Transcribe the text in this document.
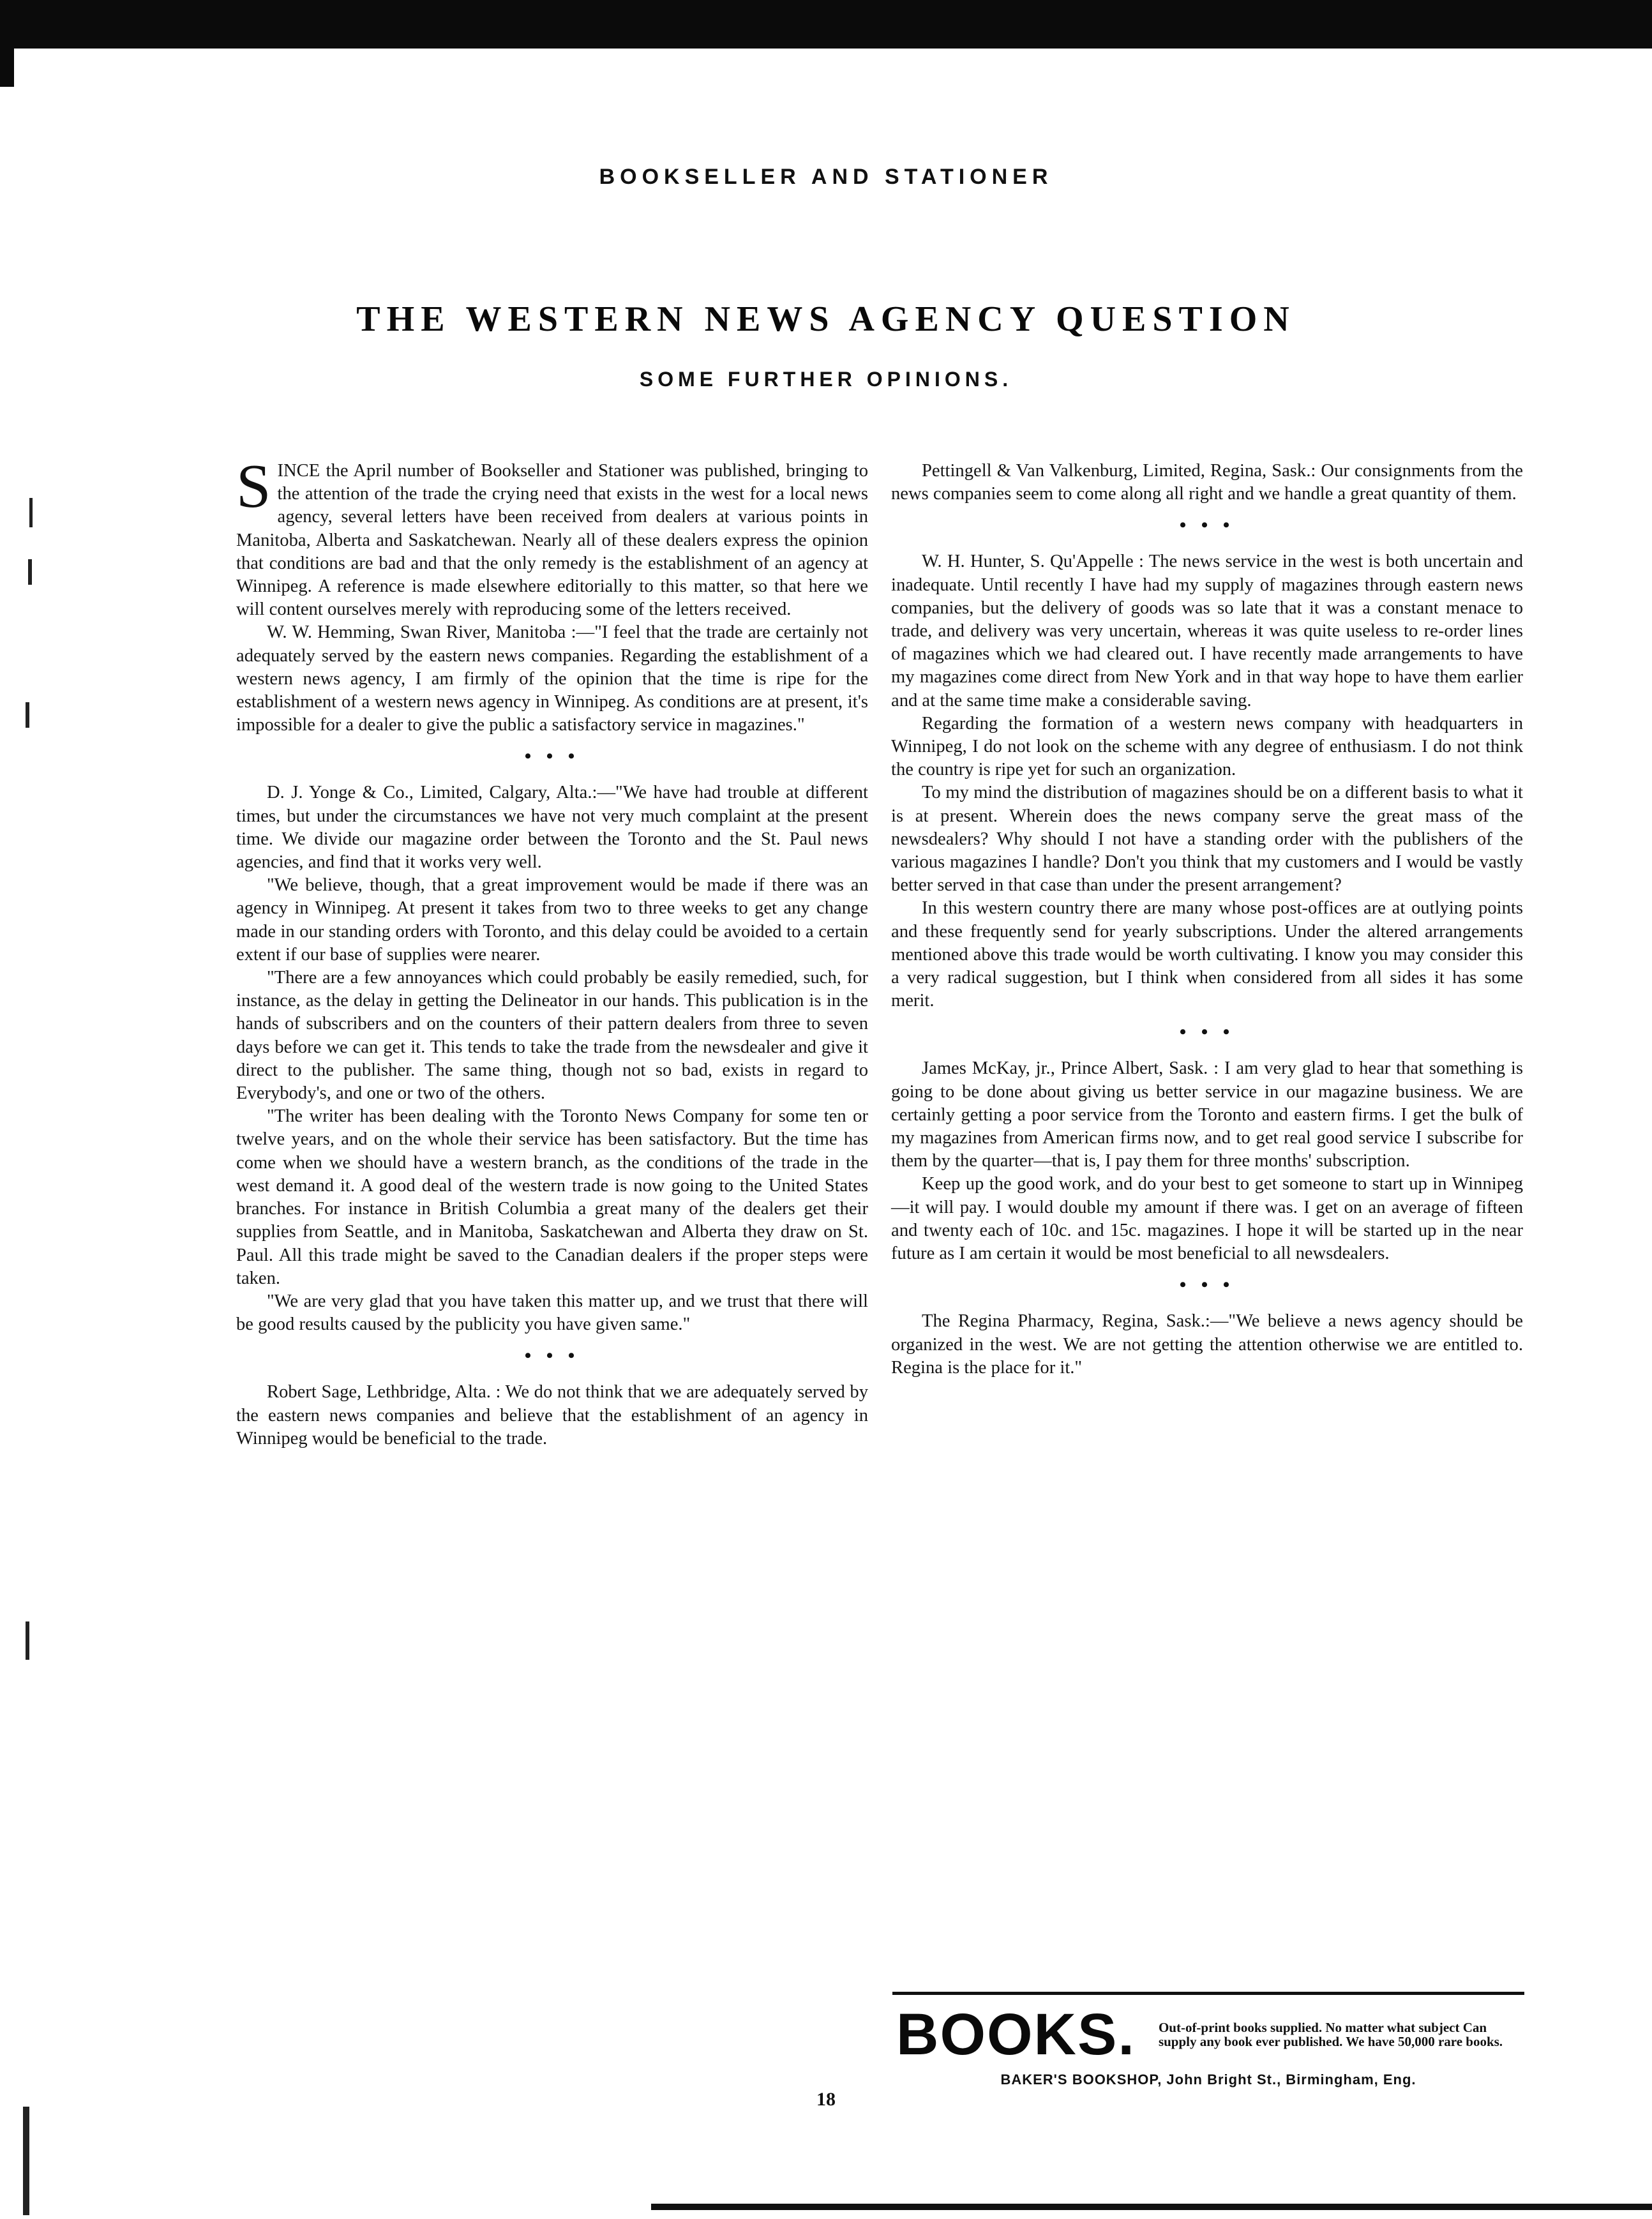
BOOKSELLER AND STATIONER
THE WESTERN NEWS AGENCY QUESTION
SOME FURTHER OPINIONS.

SINCE the April number of Bookseller and Stationer was published, bringing to the attention of the trade the crying need that exists in the west for a local news agency, several letters have been received from dealers at various points in Manitoba, Alberta and Saskatchewan. Nearly all of these dealers express the opinion that conditions are bad and that the only remedy is the establishment of an agency at Winnipeg. A reference is made elsewhere editorially to this matter, so that here we will content ourselves merely with reproducing some of the letters received.

W. W. Hemming, Swan River, Manitoba :—"I feel that the trade are certainly not adequately served by the eastern news companies. Regarding the establishment of a western news agency, I am firmly of the opinion that the time is ripe for the establishment of a western news agency in Winnipeg. As conditions are at present, it's impossible for a dealer to give the public a satisfactory service in magazines."

• • •

D. J. Yonge & Co., Limited, Calgary, Alta.:—"We have had trouble at different times, but under the circumstances we have not very much complaint at the present time. We divide our magazine order between the Toronto and the St. Paul news agencies, and find that it works very well.

"We believe, though, that a great improvement would be made if there was an agency in Winnipeg. At present it takes from two to three weeks to get any change made in our standing orders with Toronto, and this delay could be avoided to a certain extent if our base of supplies were nearer.

"There are a few annoyances which could probably be easily remedied, such, for instance, as the delay in getting the Delineator in our hands. This publication is in the hands of subscribers and on the counters of their pattern dealers from three to seven days before we can get it. This tends to take the trade from the newsdealer and give it direct to the publisher. The same thing, though not so bad, exists in regard to Everybody's, and one or two of the others.

"The writer has been dealing with the Toronto News Company for some ten or twelve years, and on the whole their service has been satisfactory. But the time has come when we should have a western branch, as the conditions of the trade in the west demand it. A good deal of the western trade is now going to the United States branches. For instance in British Columbia a great many of the dealers get their supplies from Seattle, and in Manitoba, Saskatchewan and Alberta they draw on St. Paul. All this trade might be saved to the Canadian dealers if the proper steps were taken.

"We are very glad that you have taken this matter up, and we trust that there will be good results caused by the publicity you have given same."

• • •

Robert Sage, Lethbridge, Alta. : We do not think that we are adequately served by the eastern news companies and believe that the establishment of an agency in Winnipeg would be beneficial to the trade.

Pettingell & Van Valkenburg, Limited, Regina, Sask.: Our consignments from the news companies seem to come along all right and we handle a great quantity of them.

• • •

W. H. Hunter, S. Qu'Appelle : The news service in the west is both uncertain and inadequate. Until recently I have had my supply of magazines through eastern news companies, but the delivery of goods was so late that it was a constant menace to trade, and delivery was very uncertain, whereas it was quite useless to re-order lines of magazines which we had cleared out. I have recently made arrangements to have my magazines come direct from New York and in that way hope to have them earlier and at the same time make a considerable saving.

Regarding the formation of a western news company with headquarters in Winnipeg, I do not look on the scheme with any degree of enthusiasm. I do not think the country is ripe yet for such an organization.

To my mind the distribution of magazines should be on a different basis to what it is at present. Wherein does the news company serve the great mass of the newsdealers? Why should I not have a standing order with the publishers of the various magazines I handle? Don't you think that my customers and I would be vastly better served in that case than under the present arrangement?

In this western country there are many whose post-offices are at outlying points and these frequently send for yearly subscriptions. Under the altered arrangements mentioned above this trade would be worth cultivating. I know you may consider this a very radical suggestion, but I think when considered from all sides it has some merit.

• • •

James McKay, jr., Prince Albert, Sask. : I am very glad to hear that something is going to be done about giving us better service in our magazine business. We are certainly getting a poor service from the Toronto and eastern firms. I get the bulk of my magazines from American firms now, and to get real good service I subscribe for them by the quarter—that is, I pay them for three months' subscription.

Keep up the good work, and do your best to get someone to start up in Winnipeg—it will pay. I would double my amount if there was. I get on an average of fifteen and twenty each of 10c. and 15c. magazines. I hope it will be started up in the near future as I am certain it would be most beneficial to all newsdealers.

• • •

The Regina Pharmacy, Regina, Sask.:—"We believe a news agency should be organized in the west. We are not getting the attention otherwise we are entitled to. Regina is the place for it."

BOOKS. Out-of-print books supplied. No matter what subject Can supply any book ever published. We have 50,000 rare books.
BAKER'S BOOKSHOP, John Bright St., Birmingham, Eng.
18
